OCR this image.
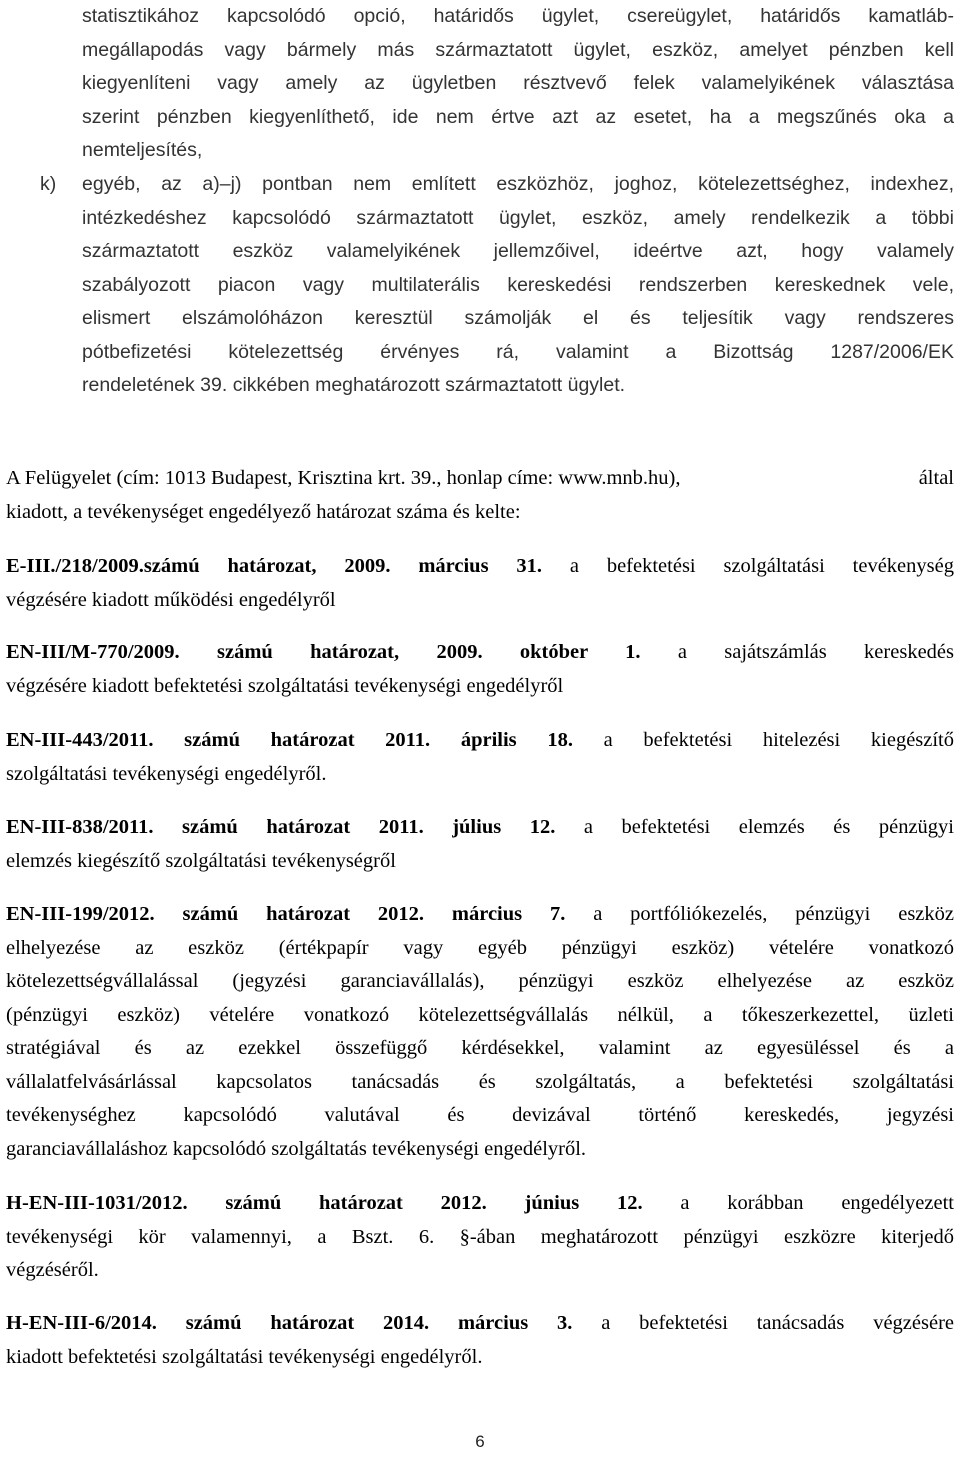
statisztikához kapcsolódó opció, határidős ügylet, csereügylet, határidős kamatláb-
megállapodás vagy bármely más származtatott ügylet, eszköz, amelyet pénzben kell
kiegyenlíteni vagy amely az ügyletben résztvevő felek valamelyikének választása
szerint pénzben kiegyenlíthető, ide nem értve azt az esetet, ha a megszűnés oka a
nemteljesítés,
k) egyéb, az a)–j) pontban nem említett eszközhöz, joghoz, kötelezettséghez, indexhez,
intézkedéshez kapcsolódó származtatott ügylet, eszköz, amely rendelkezik a többi
származtatott eszköz valamelyikének jellemzőivel, ideértve azt, hogy valamely
szabályozott piacon vagy multilaterális kereskedési rendszerben kereskednek vele,
elismert elszámolóházon keresztül számolják el és teljesítik vagy rendszeres
pótbefizetési kötelezettség érvényes rá, valamint a Bizottság 1287/2006/EK
rendeletének 39. cikkében meghatározott származtatott ügylet.
A Felügyelet (cím: 1013 Budapest, Krisztina krt. 39., honlap címe: www.mnb.hu),	által
kiadott, a tevékenységet engedélyező határozat száma és kelte:
E-III./218/2009.számú határozat, 2009. március 31. a befektetési szolgáltatási tevékenység
végzésére kiadott működési engedélyről
EN-III/M-770/2009. számú határozat, 2009. október 1. a sajátszámlás kereskedés
végzésére kiadott befektetési szolgáltatási tevékenységi engedélyről
EN-III-443/2011. számú határozat 2011. április 18. a befektetési hitelezési kiegészítő
szolgáltatási tevékenységi engedélyről.
EN-III-838/2011. számú határozat 2011. július 12. a befektetési elemzés és pénzügyi
elemzés kiegészítő szolgáltatási tevékenységről
EN-III-199/2012. számú határozat 2012. március 7. a portfóliókezelés, pénzügyi eszköz
elhelyezése az eszköz (értékpapír vagy egyéb pénzügyi eszköz) vételére vonatkozó
kötelezettségvállalással (jegyzési garanciavállalás), pénzügyi eszköz elhelyezése az eszköz
(pénzügyi eszköz) vételére vonatkozó kötelezettségvállalás nélkül, a tőkeszerkezettel, üzleti
stratégiával és az ezekkel összefüggő kérdésekkel, valamint az egyesüléssel és a
vállalatfelvásárlással kapcsolatos tanácsadás és szolgáltatás, a befektetési szolgáltatási
tevékenységhez kapcsolódó valutával és devizával történő kereskedés, jegyzési
garanciavállaláshoz kapcsolódó szolgáltatás tevékenységi engedélyről.
H-EN-III-1031/2012. számú határozat 2012. június 12. a korábban engedélyezett
tevékenységi kör valamennyi, a Bszt. 6. §-ában meghatározott pénzügyi eszközre kiterjedő
végzéséről.
H-EN-III-6/2014. számú határozat 2014. március 3. a befektetési tanácsadás végzésére
kiadott befektetési szolgáltatási tevékenységi engedélyről.
6
